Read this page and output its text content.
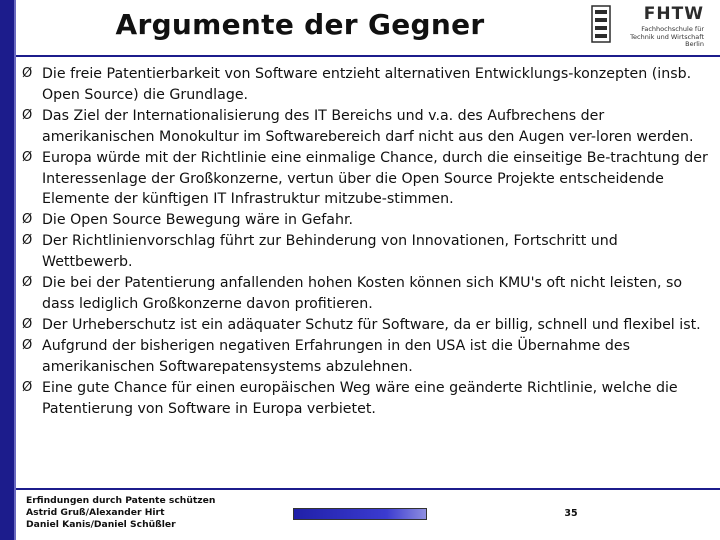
Argumente der Gegner	FHTW
Fachhochschule für
Technik und Wirtschaft
Berlin
Ø Die freie Patentierbarkeit von Software entzieht alternativen Entwicklungs-konzepten (insb. Open Source) die Grundlage.
Ø Das Ziel der Internationalisierung des IT Bereichs und v.a. des Aufbrechens der amerikanischen Monokultur im Softwarebereich darf nicht aus den Augen ver-loren werden.
Ø Europa würde mit der Richtlinie eine einmalige Chance, durch die einseitige Be-trachtung der Interessenlage der Großkonzerne, vertun über die Open Source Projekte entscheidende Elemente der künftigen IT Infrastruktur mitzube-stimmen.
Ø Die Open Source Bewegung wäre in Gefahr.
Ø Der Richtlinienvorschlag führt zur Behinderung von Innovationen, Fortschritt und Wettbewerb.
Ø Die bei der Patentierung anfallenden hohen Kosten können sich KMU's oft nicht leisten, so dass lediglich Großkonzerne davon profitieren.
Ø Der Urheberschutz ist ein adäquater Schutz für Software, da er billig, schnell und flexibel ist.
Ø Aufgrund der bisherigen negativen Erfahrungen in den USA ist die Übernahme des amerikanischen Softwarepatensystems abzulehnen.
Ø Eine gute Chance für einen europäischen Weg wäre eine geänderte Richtlinie, welche die Patentierung von Software in Europa verbietet.
Erfindungen durch Patente schützen
Astrid Gruß/Alexander Hirt
Daniel Kanis/Daniel Schüßler
35
